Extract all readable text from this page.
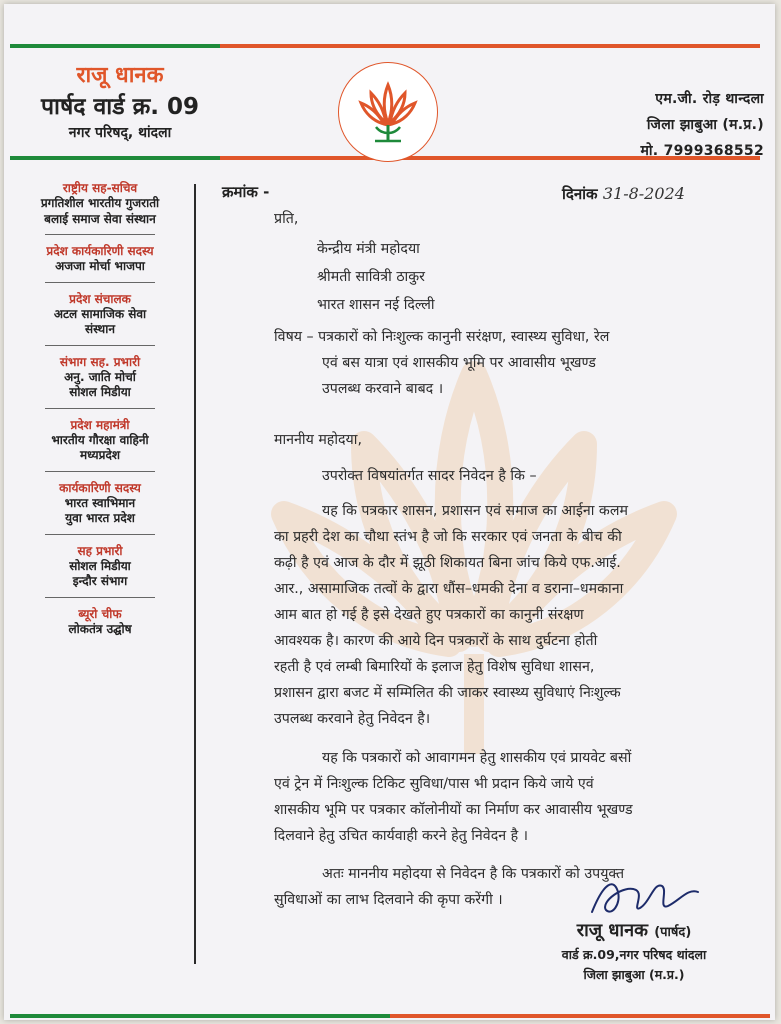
राजू धानक
पार्षद वार्ड क्र. 09
नगर परिषद्, थांदला
एम.जी. रोड़ थान्दला
जिला झाबुआ (म.प्र.)
मो. 7999368552
राष्ट्रीय सह-सचिव
प्रगतिशील भारतीय गुजराती
बलाई समाज सेवा संस्थान
प्रदेश कार्यकारिणी सदस्य
अजजा मोर्चा भाजपा
प्रदेश संचालक
अटल सामाजिक सेवा
संस्थान
संभाग सह. प्रभारी
अनु. जाति मोर्चा
सोशल मिडीया
प्रदेश महामंत्री
भारतीय गौरक्षा वाहिनी
मध्यप्रदेश
कार्यकारिणी सदस्य
भारत स्वाभिमान
युवा भारत प्रदेश
सह प्रभारी
सोशल मिडीया
इन्दौर संभाग
ब्यूरो चीफ
लोकतंत्र उद्घोष
क्रमांक -	दिनांक 31-8-2024
प्रति,
केन्द्रीय मंत्री महोदया
श्रीमती सावित्री ठाकुर
भारत शासन नई दिल्ली
विषय – पत्रकारों को निःशुल्क कानुनी सरंक्षण, स्वास्थ्य सुविधा, रेल
एवं बस यात्रा एवं शासकीय भूमि पर आवासीय भूखण्ड
उपलब्ध करवाने बाबद ।
माननीय महोदया,
उपरोक्त विषयांतर्गत सादर निवेदन है कि –
यह कि पत्रकार शासन, प्रशासन एवं समाज का आईना कलम
का प्रहरी देश का चौथा स्तंभ है जो कि सरकार एवं जनता के बीच की
कढ़ी है एवं आज के दौर में झूठी शिकायत बिना जांच किये एफ.आई.
आर., असामाजिक तत्वों के द्वारा धौंस–धमकी देना व डराना–धमकाना
आम बात हो गई है इसे देखते हुए पत्रकारों का कानुनी संरक्षण
आवश्यक है। कारण की आये दिन पत्रकारों के साथ दुर्घटना होती
रहती है एवं लम्बी बिमारियों के इलाज हेतु विशेष सुविधा शासन,
प्रशासन द्वारा बजट में सम्मिलित की जाकर स्वास्थ्य सुविधाएं निःशुल्क
उपलब्ध करवाने हेतु निवेदन है।
यह कि पत्रकारों को आवागमन हेतु शासकीय एवं प्रायवेट बसों
एवं ट्रेन में निःशुल्क टिकिट सुविधा/पास भी प्रदान किये जाये एवं
शासकीय भूमि पर पत्रकार कॉलोनीयों का निर्माण कर आवासीय भूखण्ड
दिलवाने हेतु उचित कार्यवाही करने हेतु निवेदन है ।
अतः माननीय महोदया से निवेदन है कि पत्रकारों को उपयुक्त
सुविधाओं का लाभ दिलवाने की कृपा करेंगी ।
राजू धानक (पार्षद)
वार्ड क्र.09,नगर परिषद थांदला
जिला झाबुआ (म.प्र.)
